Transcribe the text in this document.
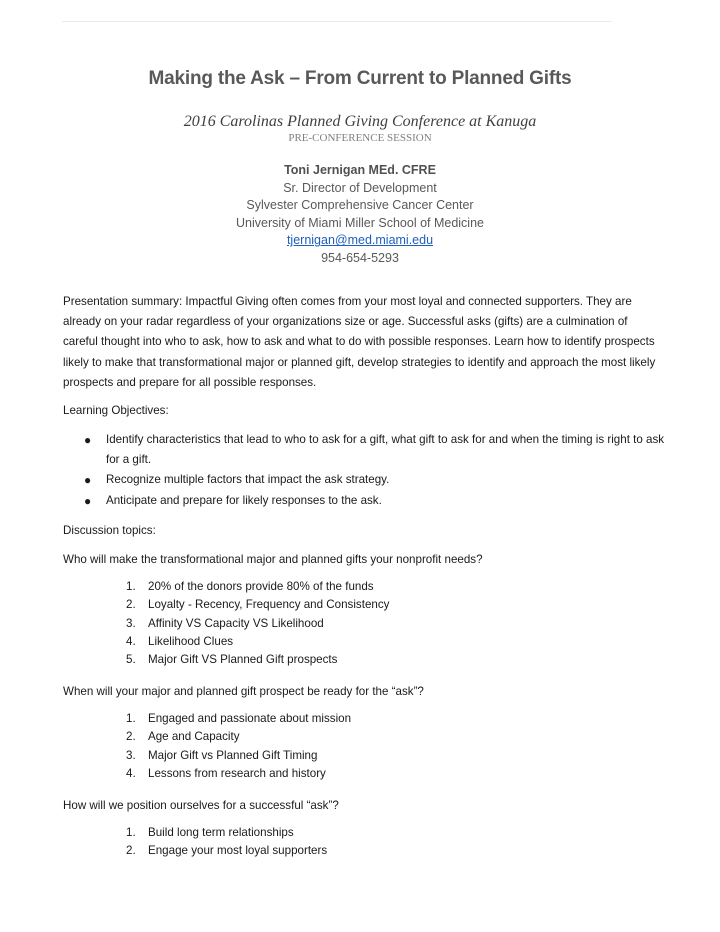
Making the Ask – From Current to Planned Gifts
2016 Carolinas Planned Giving Conference at Kanuga
PRE-CONFERENCE SESSION
Toni Jernigan MEd. CFRE
Sr. Director of Development
Sylvester Comprehensive Cancer Center
University of Miami Miller School of Medicine
tjernigan@med.miami.edu
954-654-5293
Presentation summary: Impactful Giving often comes from your most loyal and connected supporters. They are already on your radar regardless of your organizations size or age. Successful asks (gifts) are a culmination of careful thought into who to ask, how to ask and what to do with possible responses. Learn how to identify prospects likely to make that transformational major or planned gift, develop strategies to identify and approach the most likely prospects and prepare for all possible responses.
Learning Objectives:
● Identify characteristics that lead to who to ask for a gift, what gift to ask for and when the timing is right to ask for a gift.
● Recognize multiple factors that impact the ask strategy.
● Anticipate and prepare for likely responses to the ask.
Discussion topics:
Who will make the transformational major and planned gifts your nonprofit needs?
1. 20% of the donors provide 80% of the funds
2. Loyalty - Recency, Frequency and Consistency
3. Affinity VS Capacity VS Likelihood
4. Likelihood Clues
5. Major Gift VS Planned Gift prospects
When will your major and planned gift prospect be ready for the “ask”?
1. Engaged and passionate about mission
2. Age and Capacity
3. Major Gift vs Planned Gift Timing
4. Lessons from research and history
How will we position ourselves for a successful “ask”?
1. Build long term relationships
2. Engage your most loyal supporters
